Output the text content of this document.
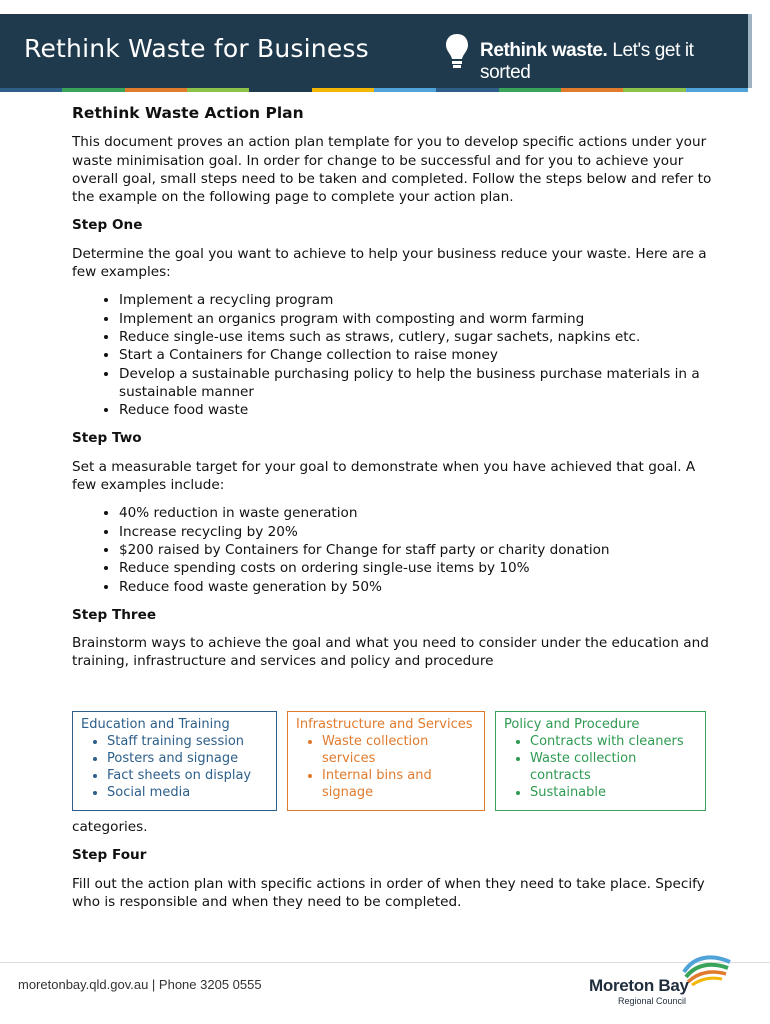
Rethink Waste for Business	Rethink waste. Let's get it sorted
Rethink Waste Action Plan

This document proves an action plan template for you to develop specific actions under your waste minimisation goal. In order for change to be successful and for you to achieve your overall goal, small steps need to be taken and completed. Follow the steps below and refer to the example on the following page to complete your action plan.

Step One

Determine the goal you want to achieve to help your business reduce your waste. Here are a few examples:

• Implement a recycling program
• Implement an organics program with composting and worm farming
• Reduce single-use items such as straws, cutlery, sugar sachets, napkins etc.
• Start a Containers for Change collection to raise money
• Develop a sustainable purchasing policy to help the business purchase materials in a sustainable manner
• Reduce food waste
Step Two

Set a measurable target for your goal to demonstrate when you have achieved that goal. A few examples include:

• 40% reduction in waste generation
• Increase recycling by 20%
• $200 raised by Containers for Change for staff party or charity donation
• Reduce spending costs on ordering single-use items by 10%
• Reduce food waste generation by 50%
Step Three

Brainstorm ways to achieve the goal and what you need to consider under the education and training, infrastructure and services and policy and procedure

Education and Training
• Staff training session
• Posters and signage
• Fact sheets on display
• Social media
Infrastructure and Services
• Waste collection services
• Internal bins and signage
Policy and Procedure
• Contracts with cleaners
• Waste collection contracts
• Sustainable

categories.

Step Four

Fill out the action plan with specific actions in order of when they need to take place. Specify who is responsible and when they need to be completed.

moretonbay.qld.gov.au | Phone 3205 0555	Moreton Bay
Regional Council
